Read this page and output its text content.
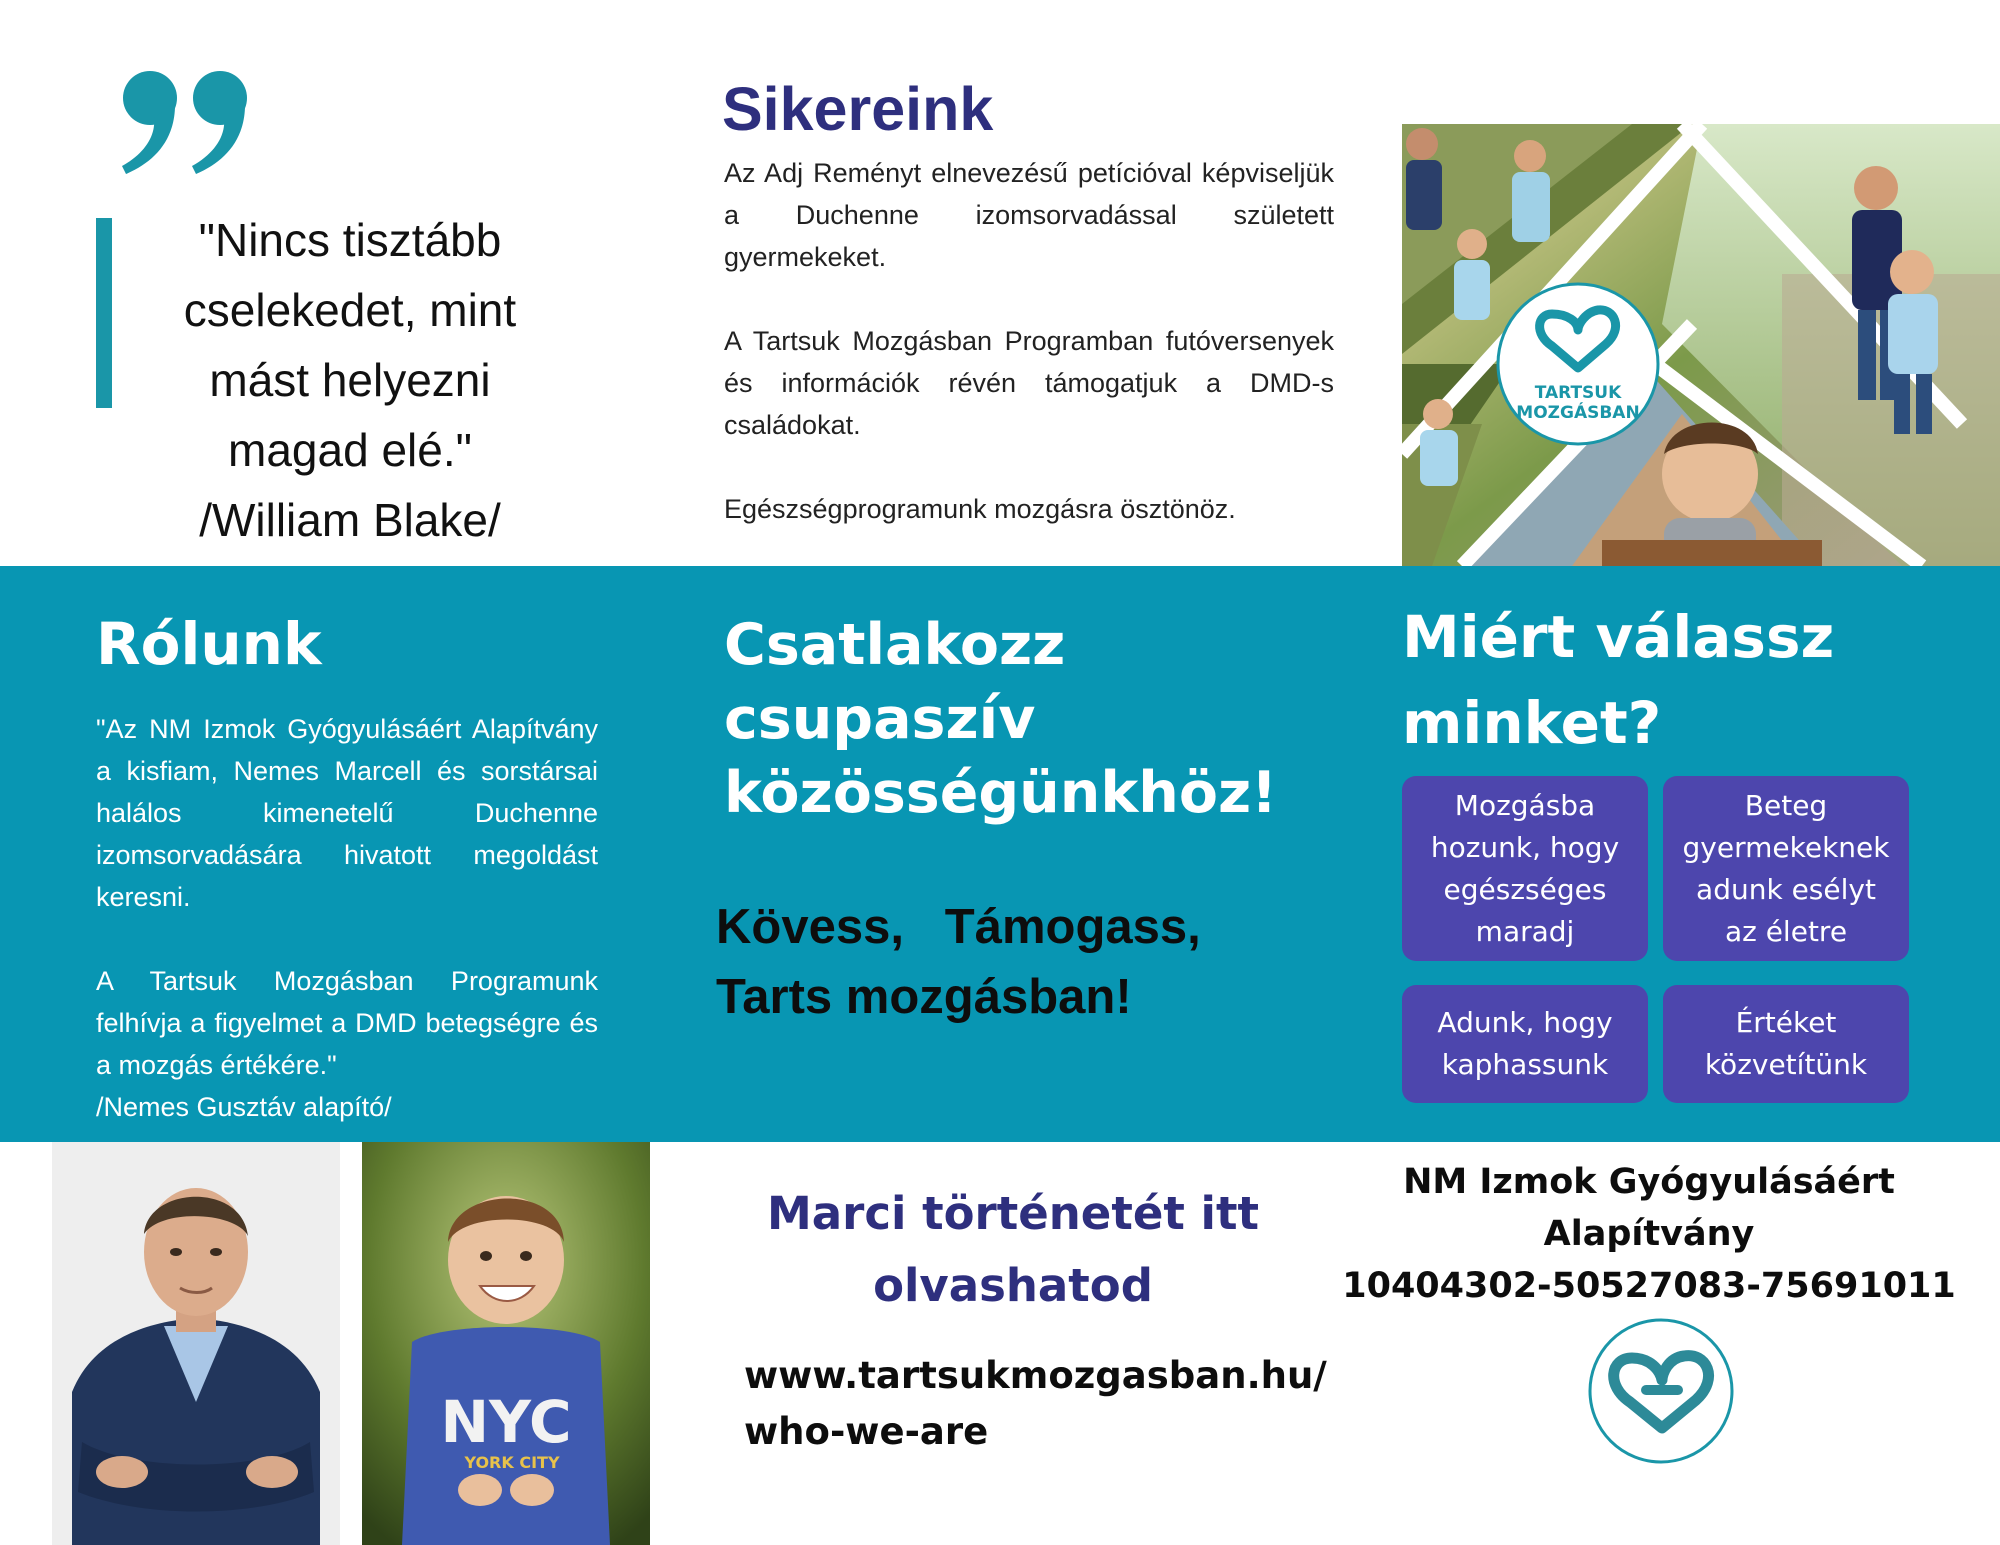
"Nincs tisztább
cselekedet, mint
mást helyezni
magad elé."
/William Blake/
Sikereink

Az Adj Reményt elnevezésű petícióval képviseljük a Duchenne izomsorvadással született gyermekeket.

A Tartsuk Mozgásban Programban futóversenyek és információk révén támogatjuk a DMD-s családokat.

Egészségprogramunk mozgásra ösztönöz.

TARTSUK
MOZGÁSBAN
Rólunk

"Az NM Izmok Gyógyulásáért Alapítvány a kisfiam, Nemes Marcell és sorstársai halálos kimenetelű Duchenne izomsorvadására hivatott megoldást keresni.

A Tartsuk Mozgásban Programunk felhívja a figyelmet a DMD betegségre és a mozgás értékére."

/Nemes Gusztáv alapító/

Csatlakozz
csupaszív
közösségünkhöz!
Kövess, Támogass,
Tarts mozgásban!
Miért válassz
minket?
Mozgásba
hozunk, hogy
egészséges
maradj
Beteg
gyermekeknek
adunk esélyt
az életre
Adunk, hogy
kaphassunk
Értéket
közvetítünk
NYC
YORK CITY
Marci történetét itt
olvashatod
www.tartsukmozgasban.hu/
who-we-are
NM Izmok Gyógyulásáért
Alapítvány
10404302-50527083-75691011
